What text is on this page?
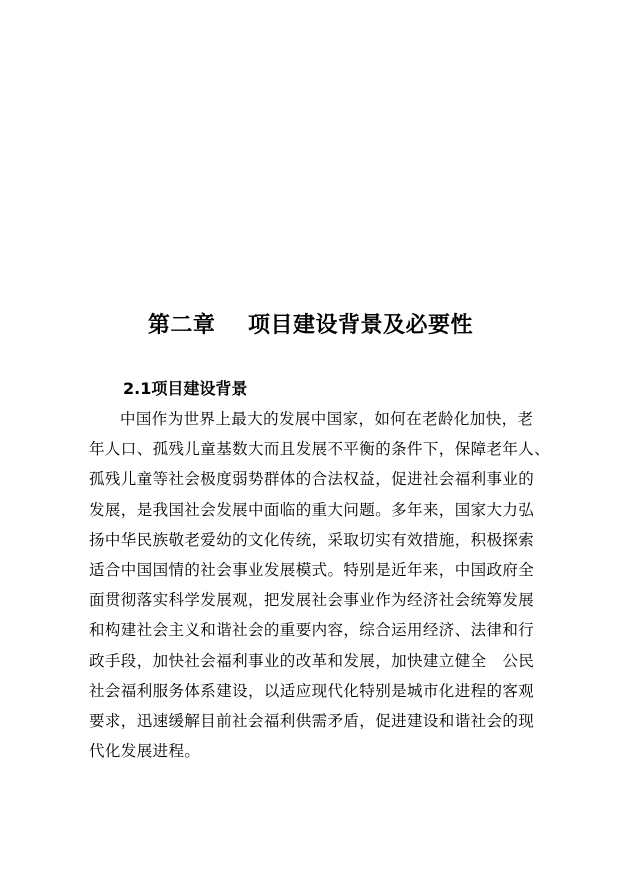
第二章    项目建设背景及必要性
2.1项目建设背景
中国作为世界上最大的发展中国家，如何在老龄化加快，老
年人口、孤残儿童基数大而且发展不平衡的条件下，保障老年人、
孤残儿童等社会极度弱势群体的合法权益，促进社会福利事业的
发展，是我国社会发展中面临的重大问题。多年来，国家大力弘
扬中华民族敬老爱幼的文化传统，采取切实有效措施，积极探索
适合中国国情的社会事业发展模式。特别是近年来，中国政府全
面贯彻落实科学发展观，把发展社会事业作为经济社会统筹发展
和构建社会主义和谐社会的重要内容，综合运用经济、法律和行
政手段，加快社会福利事业的改革和发展，加快建立健全   公民
社会福利服务体系建设，以适应现代化特别是城市化进程的客观
要求，迅速缓解目前社会福利供需矛盾，促进建设和谐社会的现
代化发展进程。
